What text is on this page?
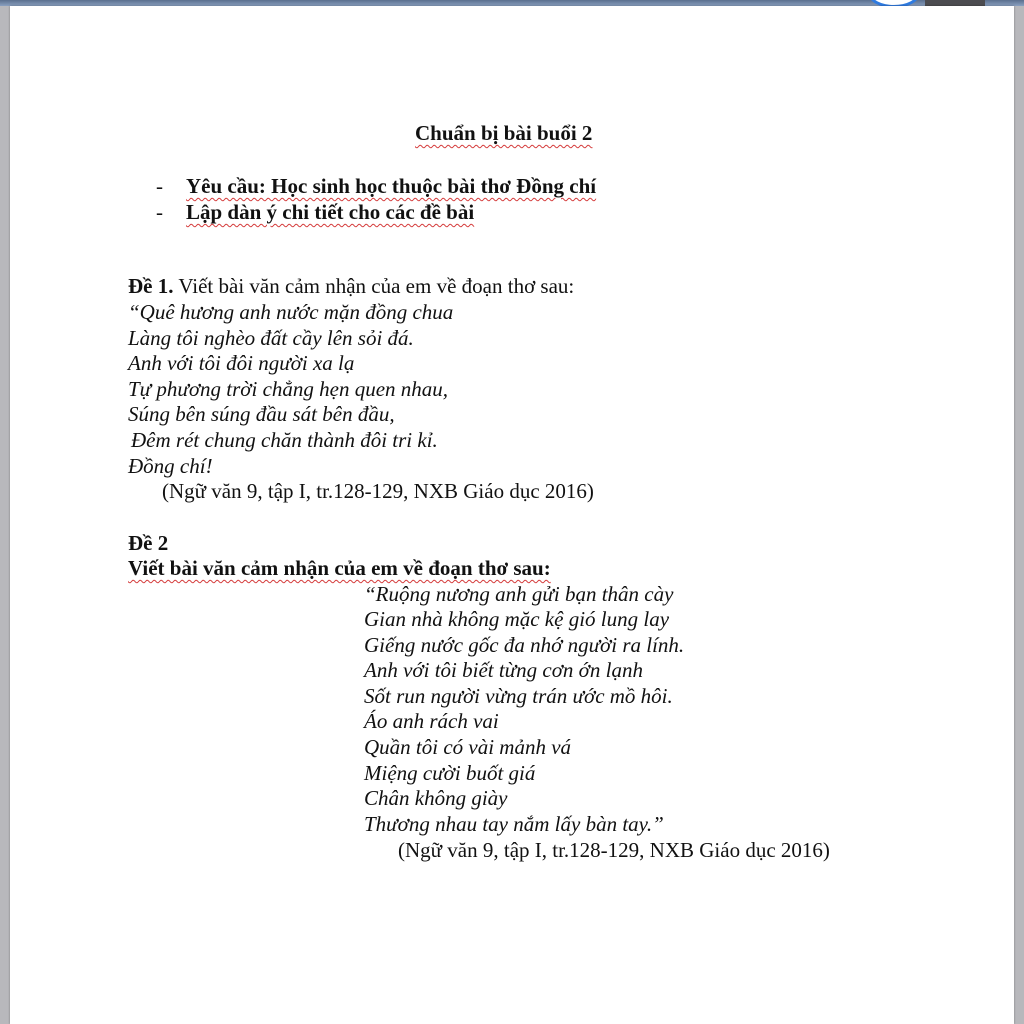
Chuẩn bị bài buổi 2
- Yêu cầu: Học sinh học thuộc bài thơ Đồng chí
- Lập dàn ý chi tiết cho các đề bài
Đề 1. Viết bài văn cảm nhận của em về đoạn thơ sau:
“Quê hương anh nước mặn đồng chua
Làng tôi nghèo đất cầy lên sỏi đá.
Anh với tôi đôi người xa lạ
Tự phương trời chẳng hẹn quen nhau,
Súng bên súng đầu sát bên đầu,
Đêm rét chung chăn thành đôi tri kỉ.
Đồng chí!
(Ngữ văn 9, tập I, tr.128-129, NXB Giáo dục 2016)
Đề 2
Viết bài văn cảm nhận của em về đoạn thơ sau:
“Ruộng nương anh gửi bạn thân cày
Gian nhà không mặc kệ gió lung lay
Giếng nước gốc đa nhớ người ra lính.
Anh với tôi biết từng cơn ớn lạnh
Sốt run người vừng trán ước mồ hôi.
Áo anh rách vai
Quần tôi có vài mảnh vá
Miệng cười buốt giá
Chân không giày
Thương nhau tay nắm lấy bàn tay.”
(Ngữ văn 9, tập I, tr.128-129, NXB Giáo dục 2016)
